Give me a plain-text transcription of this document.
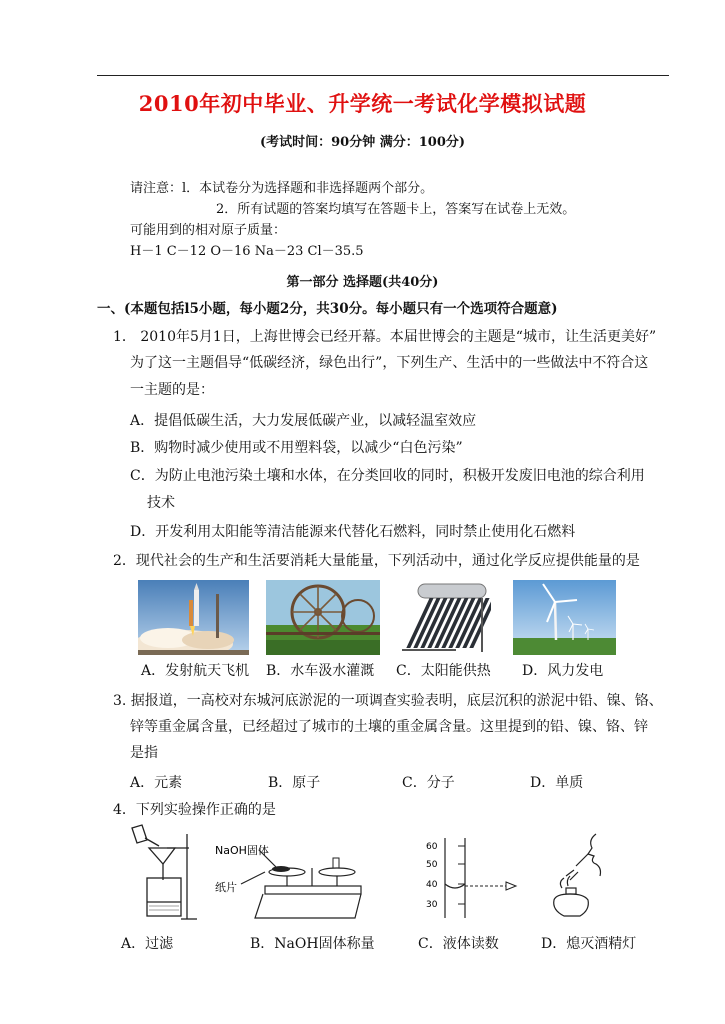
2010年初中毕业、升学统一考试化学模拟试题
(考试时间：90分钟 满分：100分)
请注意：l．本试卷分为选择题和非选择题两个部分。
2．所有试题的答案均填写在答题卡上，答案写在试卷上无效。
可能用到的相对原子质量：
H－1 C－12 O－16 Na－23 Cl－35.5
第一部分 选择题(共40分)
一、(本题包括l5小题，每小题2分，共30分。每小题只有一个选项符合题意)
1． 2010年5月1日，上海世博会已经开幕。本届世博会的主题是“城市，让生活更美好”
为了这一主题倡导“低碳经济，绿色出行”，下列生产、生活中的一些做法中不符合这
一主题的是：
A．提倡低碳生活，大力发展低碳产业，以减轻温室效应
B．购物时减少使用或不用塑料袋，以减少“白色污染”
C．为防止电池污染土壤和水体，在分类回收的同时，积极开发废旧电池的综合利用
技术
D．开发利用太阳能等清洁能源来代替化石燃料，同时禁止使用化石燃料
2．现代社会的生产和生活要消耗大量能量，下列活动中，通过化学反应提供能量的是
A．发射航天飞机 B．水车汲水灌溉 C．太阳能供热 D．风力发电
3. 据报道，一高校对东城河底淤泥的一项调查实验表明，底层沉积的淤泥中铅、镍、铬、
锌等重金属含量，已经超过了城市的土壤的重金属含量。这里提到的铅、镍、铬、锌
是指
A．元素	B．原子	C．分子	D．单质
4．下列实验操作正确的是
NaOH固体
纸片
60
50
40
30
A．过滤	B．NaOH固体称量	C．液体读数	D．熄灭酒精灯
